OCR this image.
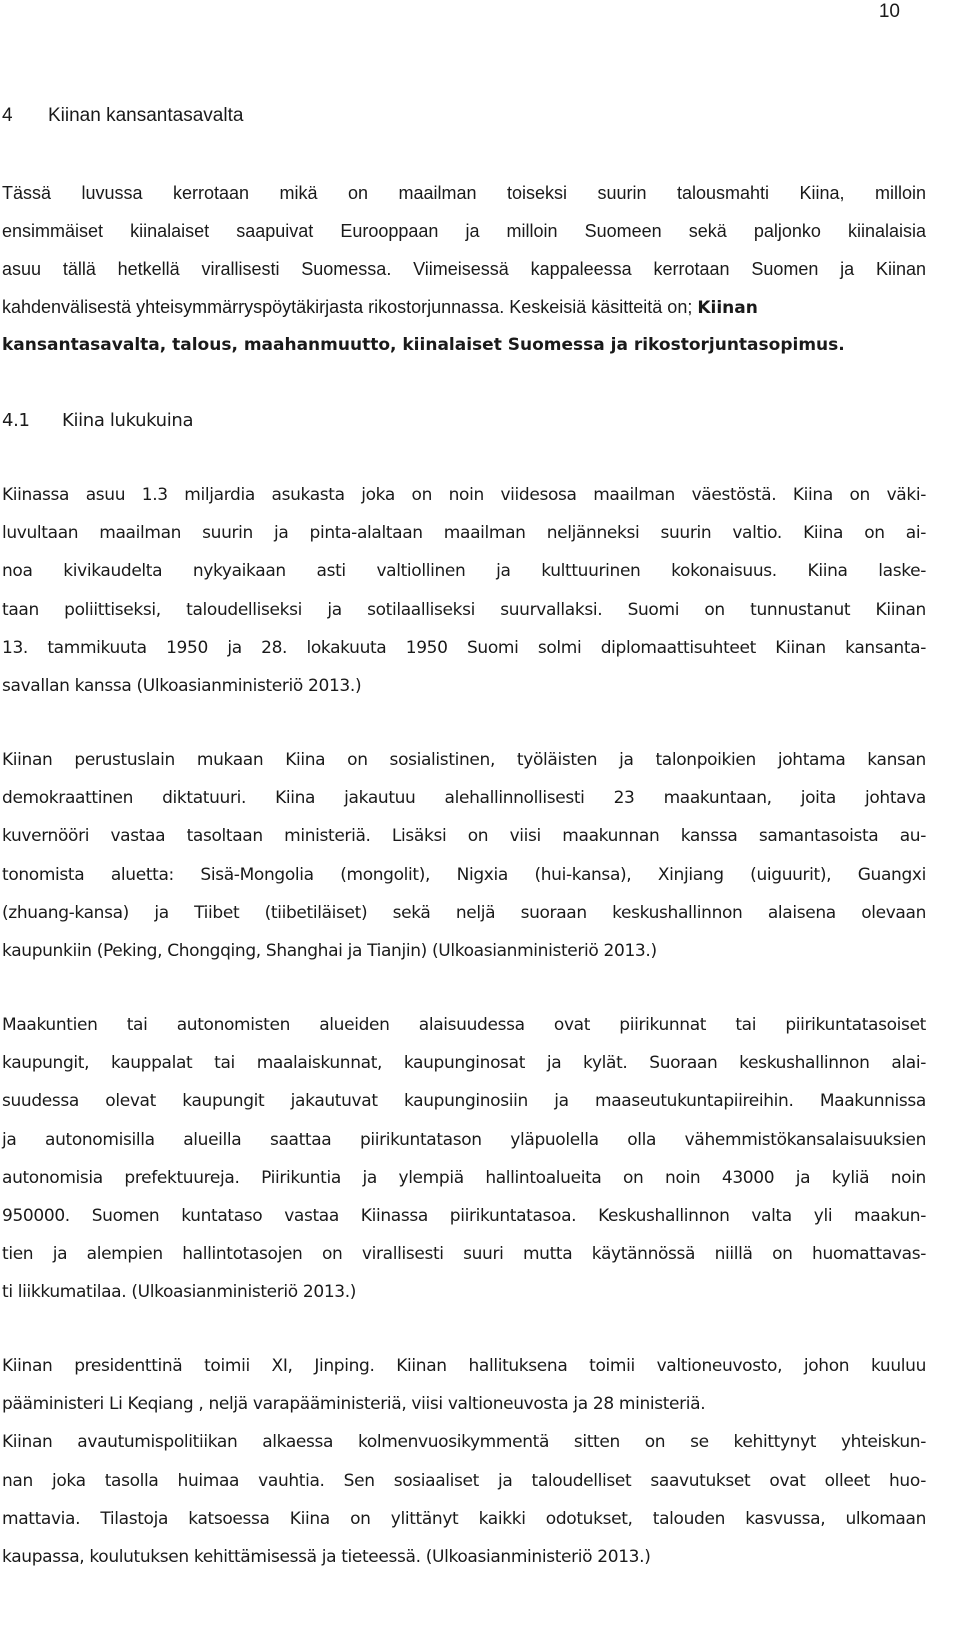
10
4 Kiinan kansantasavalta
Tässä luvussa kerrotaan mikä on maailman toiseksi suurin talousmahti Kiina, milloin
ensimmäiset kiinalaiset saapuivat Eurooppaan ja milloin Suomeen sekä paljonko kiinalaisia
asuu tällä hetkellä virallisesti Suomessa. Viimeisessä kappaleessa kerrotaan Suomen ja Kiinan
kahdenvälisestä yhteisymmärryspöytäkirjasta rikostorjunnassa. Keskeisiä käsitteitä on; Kiinan
kansantasavalta, talous, maahanmuutto, kiinalaiset Suomessa ja rikostorjuntasopimus.
4.1 Kiina lukukuina
Kiinassa asuu 1.3 miljardia asukasta joka on noin viidesosa maailman väestöstä. Kiina on väki-
luvultaan maailman suurin ja pinta-alaltaan maailman neljänneksi suurin valtio. Kiina on ai-
noa kivikaudelta nykyaikaan asti valtiollinen ja kulttuurinen kokonaisuus. Kiina laske-
taan poliittiseksi, taloudelliseksi ja sotilaalliseksi suurvallaksi. Suomi on tunnustanut Kiinan
13. tammikuuta 1950 ja 28. lokakuuta 1950 Suomi solmi diplomaattisuhteet Kiinan kansanta-
savallan kanssa (Ulkoasianministeriö 2013.)
Kiinan perustuslain mukaan Kiina on sosialistinen, työläisten ja talonpoikien johtama kansan
demokraattinen diktatuuri. Kiina jakautuu alehallinnollisesti 23 maakuntaan, joita johtava
kuvernööri vastaa tasoltaan ministeriä. Lisäksi on viisi maakunnan kanssa samantasoista au-
tonomista aluetta: Sisä-Mongolia (mongolit), Nigxia (hui-kansa), Xinjiang (uiguurit), Guangxi
(zhuang-kansa) ja Tiibet (tiibetiläiset) sekä neljä suoraan keskushallinnon alaisena olevaan
kaupunkiin (Peking, Chongqing, Shanghai ja Tianjin) (Ulkoasianministeriö 2013.)
Maakuntien tai autonomisten alueiden alaisuudessa ovat piirikunnat tai piirikuntatasoiset
kaupungit, kauppalat tai maalaiskunnat, kaupunginosat ja kylät. Suoraan keskushallinnon alai-
suudessa olevat kaupungit jakautuvat kaupunginosiin ja maaseutukuntapiireihin. Maakunnissa
ja autonomisilla alueilla saattaa piirikuntatason yläpuolella olla vähemmistökansalaisuuksien
autonomisia prefektuureja. Piirikuntia ja ylempiä hallintoalueita on noin 43000 ja kyliä noin
950000. Suomen kuntataso vastaa Kiinassa piirikuntatasoa. Keskushallinnon valta yli maakun-
tien ja alempien hallintotasojen on virallisesti suuri mutta käytännössä niillä on huomattavas-
ti liikkumatilaa. (Ulkoasianministeriö 2013.)
Kiinan presidenttinä toimii XI, Jinping. Kiinan hallituksena toimii valtioneuvosto, johon kuuluu
pääministeri Li Keqiang , neljä varapääministeriä, viisi valtioneuvosta ja 28 ministeriä.
Kiinan avautumispolitiikan alkaessa kolmenvuosikymmentä sitten on se kehittynyt yhteiskun-
nan joka tasolla huimaa vauhtia. Sen sosiaaliset ja taloudelliset saavutukset ovat olleet huo-
mattavia. Tilastoja katsoessa Kiina on ylittänyt kaikki odotukset, talouden kasvussa, ulkomaan
kaupassa, koulutuksen kehittämisessä ja tieteessä. (Ulkoasianministeriö 2013.)
